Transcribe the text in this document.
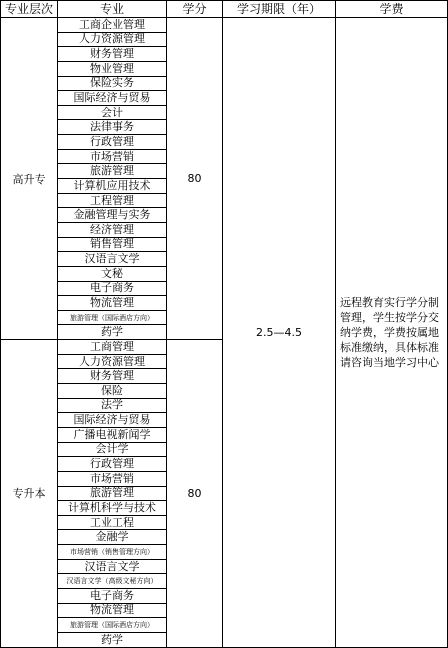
专业层次	专业	学分	学习期限（年）	学费
高升专	工商企业管理	80	2.5—4.5	远程教育实行学分制管理，学生按学分交纳学费，学费按属地标准缴纳，具体标准请咨询当地学习中心

	人力资源管理			
	财务管理			
	物业管理			
	保险实务			
	国际经济与贸易			
	会计			
	法律事务			
	行政管理			
	市场营销			
	旅游管理			
	计算机应用技术			
	工程管理			
	金融管理与实务			
	经济管理			
	销售管理			
	汉语言文学			
	文秘			
	电子商务			
	物流管理			
	旅游管理（国际酒店方向）			
	药学			
专升本	工商管理	80		
	人力资源管理			
	财务管理			
	保险			
	法学			
	国际经济与贸易			
	广播电视新闻学			
	会计学			
	行政管理			
	市场营销			
	旅游管理			
	计算机科学与技术			
	工业工程			
	金融学			
	市场营销（销售管理方向）			
	汉语言文学			
	汉语言文学（高级文秘方向）			
	电子商务			
	物流管理			
	旅游管理（国际酒店方向）			
	药学			
